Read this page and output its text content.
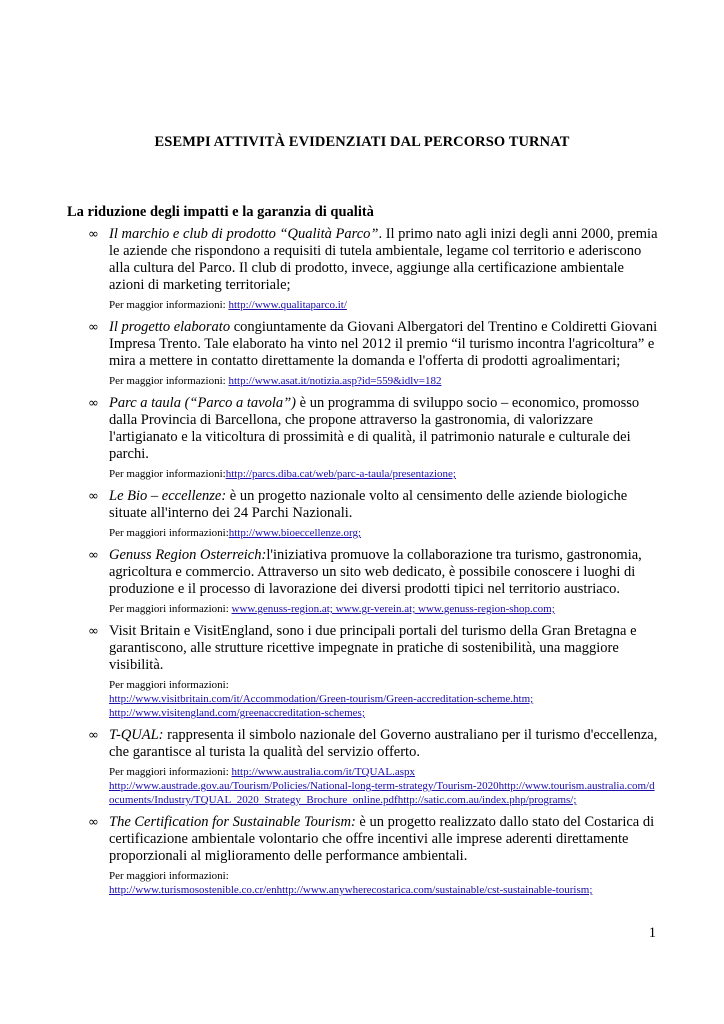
ESEMPI ATTIVITÀ EVIDENZIATI DAL PERCORSO TURNAT
La riduzione degli impatti e la garanzia di qualità
∞ Il marchio e club di prodotto “Qualità Parco”. Il primo nato agli inizi degli anni 2000, premia le aziende che rispondono a requisiti di tutela ambientale, legame col territorio e aderiscono alla cultura del Parco. Il club di prodotto, invece, aggiunge alla certificazione ambientale azioni di marketing territoriale;

Per maggior informazioni: http://www.qualitaparco.it/
∞ Il progetto elaborato congiuntamente da Giovani Albergatori del Trentino e Coldiretti Giovani Impresa Trento. Tale elaborato ha vinto nel 2012 il premio “il turismo incontra l'agricoltura” e mira a mettere in contatto direttamente la domanda e l'offerta di prodotti agroalimentari;

Per maggior informazioni: http://www.asat.it/notizia.asp?id=559&idlv=182
∞ Parc a taula (“Parco a tavola”) è un programma di sviluppo socio – economico, promosso dalla Provincia di Barcellona, che propone attraverso la gastronomia, di valorizzare l'artigianato e la viticoltura di prossimità e di qualità, il patrimonio naturale e culturale dei parchi.

Per maggior informazioni:http://parcs.diba.cat/web/parc-a-taula/presentazione;
∞ Le Bio – eccellenze: è un progetto nazionale volto al censimento delle aziende biologiche situate all'interno dei 24 Parchi Nazionali.

Per maggiori informazioni:http://www.bioeccellenze.org;
∞ Genuss Region Osterreich:l'iniziativa promuove la collaborazione tra turismo, gastronomia, agricoltura e commercio. Attraverso un sito web dedicato, è possibile conoscere i luoghi di produzione e il processo di lavorazione dei diversi prodotti tipici nel territorio austriaco.

Per maggiori informazioni: www.genuss-region.at; www.gr-verein.at; www.genuss-region-shop.com;
∞ Visit Britain e VisitEngland, sono i due principali portali del turismo della Gran Bretagna e garantiscono, alle strutture ricettive impegnate in pratiche di sostenibilità, una maggiore visibilità.

Per maggiori informazioni:
http://www.visitbritain.com/it/Accommodation/Green-tourism/Green-accreditation-scheme.htm;
http://www.visitengland.com/greenaccreditation-schemes;
∞ T-QUAL: rappresenta il simbolo nazionale del Governo australiano per il turismo d'eccellenza, che garantisce al turista la qualità del servizio offerto.

Per maggiori informazioni: http://www.australia.com/it/TQUAL.aspx
http://www.austrade.gov.au/Tourism/Policies/National-long-term-strategy/Tourism-2020http://www.tourism.australia.com/documents/Industry/TQUAL_2020_Strategy_Brochure_online.pdfhttp://satic.com.au/index.php/programs/;
∞ The Certification for Sustainable Tourism: è un progetto realizzato dallo stato del Costarica di certificazione ambientale volontario che offre incentivi alle imprese aderenti direttamente proporzionali al miglioramento delle performance ambientali.

Per maggiori informazioni:
http://www.turismosostenible.co.cr/enhttp://www.anywherecostarica.com/sustainable/cst-sustainable-tourism;
1
